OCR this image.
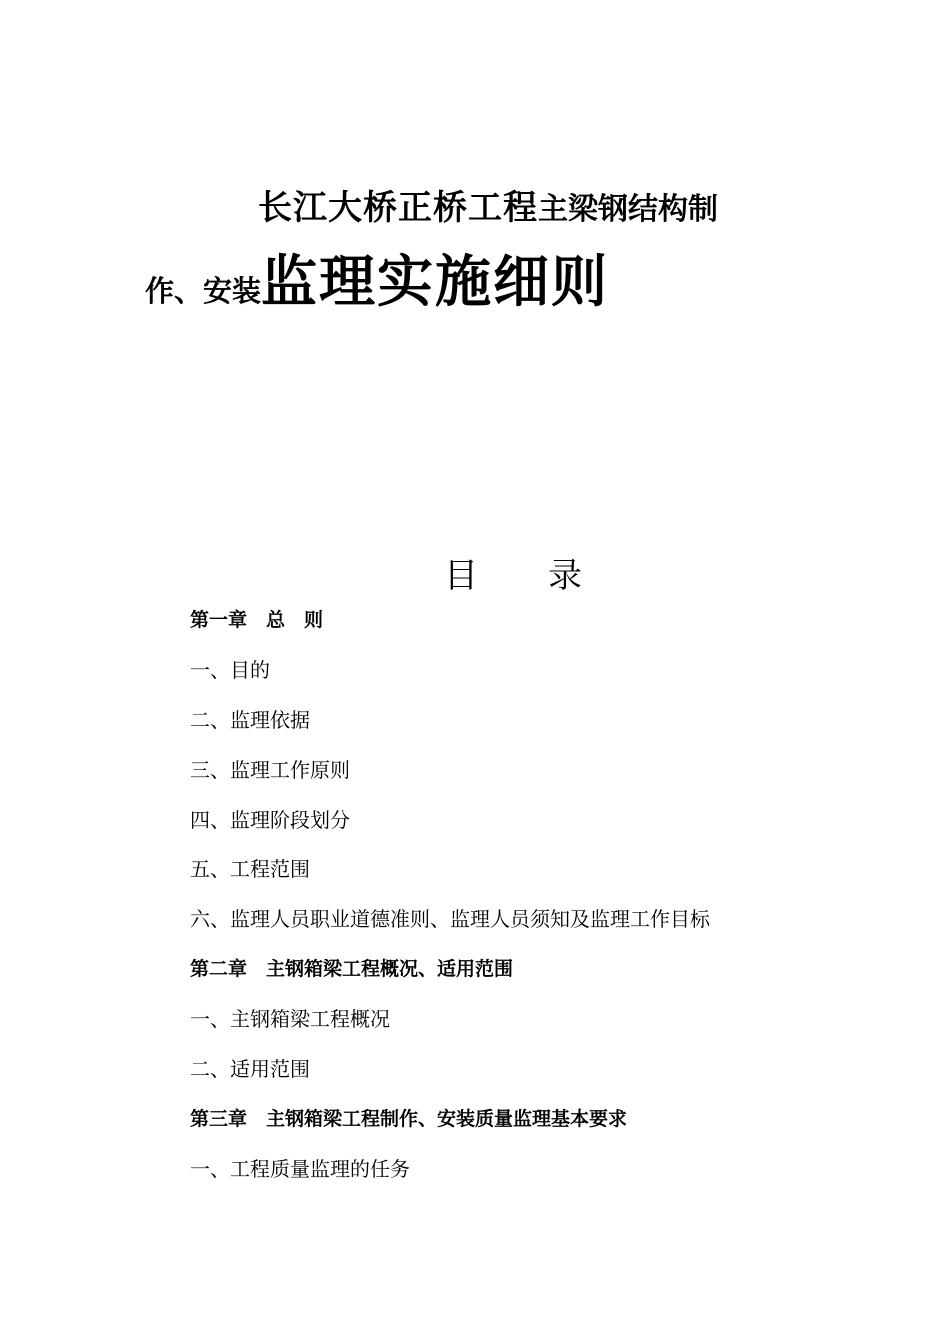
长江大桥正桥工程主梁钢结构制
作、安装监理实施细则
目 录
第一章　总　则
一、目的
二、监理依据
三、监理工作原则
四、监理阶段划分
五、工程范围
六、监理人员职业道德准则、监理人员须知及监理工作目标
第二章　主钢箱梁工程概况、适用范围
一、主钢箱梁工程概况
二、适用范围
第三章　主钢箱梁工程制作、安装质量监理基本要求
一、工程质量监理的任务
